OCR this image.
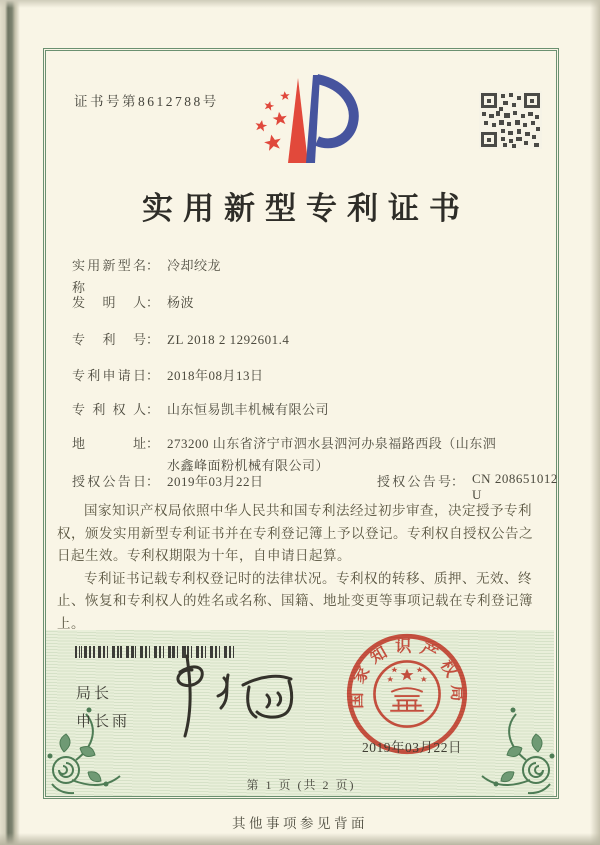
证书号第8612788号
实用新型专利证书
实用新型名称
： 冷却绞龙
发明人 ： 杨波
专利号 ： ZL 2018 2 1292601.4
专利申请日 ： 2018年08月13日
专利权人 ： 山东恒易凯丰机械有限公司
地址 ： 273200 山东省济宁市泗水县泗河办泉福路西段（山东泗水鑫峰面粉机械有限公司）
授权公告日 ： 2019年03月22日	授权公告号 ： CN 208651012 U

国家知识产权局依照中华人民共和国专利法经过初步审查，决定授予专利权，颁发实用新型专利证书并在专利登记簿上予以登记。专利权自授权公告之日起生效。专利权期限为十年，自申请日起算。

专利证书记载专利权登记时的法律状况。专利权的转移、质押、无效、终止、恢复和专利权人的姓名或名称、国籍、地址变更等事项记载在专利登记簿上。

局长
申长雨
国家知识产权局
2019年03月22日
第 1 页 (共 2 页)
其他事项参见背面
